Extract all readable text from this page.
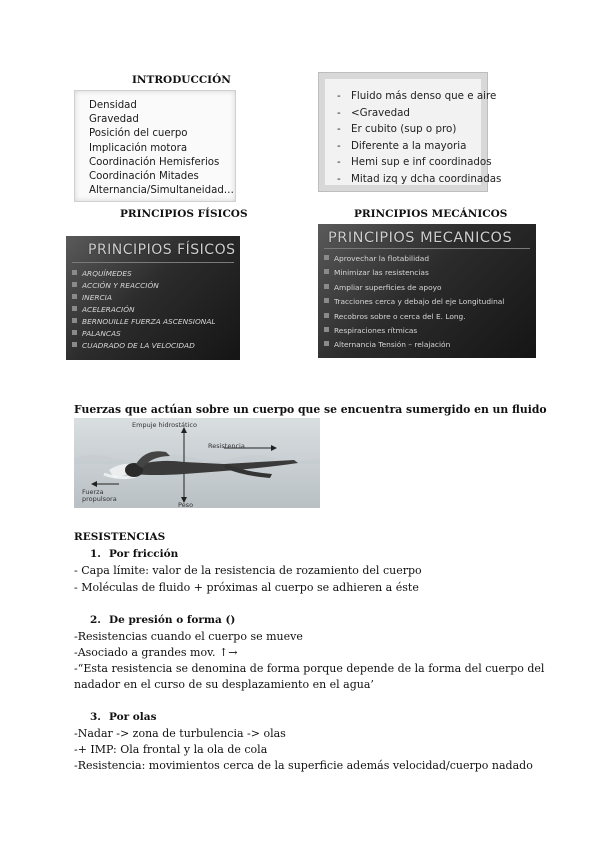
INTRODUCCIÓN
PRINCIPIOS FÍSICOS	PRINCIPIOS MECÁNICOS
Densidad
Gravedad
Posición del cuerpo
Implicación motora
Coordinación Hemisferios
Coordinación Mitades
Alternancia/Simultaneidad…
- Fluido más denso que e aire
- <Gravedad
- Er cubito (sup o pro)
- Diferente a la mayoria
- Hemi sup e inf coordinados
- Mitad izq y dcha coordinadas
PRINCIPIOS FÍSICOS
ARQUÍMEDES
ACCIÓN Y REACCIÓN
INERCIA
ACELERACIÓN
BERNOUILLE FUERZA ASCENSIONAL
PALANCAS
CUADRADO DE LA VELOCIDAD
PRINCIPIOS MECANICOS
Aprovechar la flotabilidad
Minimizar las resistencias
Ampliar superficies de apoyo
Tracciones cerca y debajo del eje Longitudinal
Recobros sobre o cerca del E. Long.
Respiraciones rítmicas
Alternancia Tensión – relajación
Fuerzas que actúan sobre un cuerpo que se encuentra sumergido en un fluido
Empuje hidrostático
Resistencia
Fuerza
propulsora
Peso
RESISTENCIAS
1. Por fricción
- Capa límite: valor de la resistencia de rozamiento del cuerpo
- Moléculas de fluido + próximas al cuerpo se adhieren a éste
2. De presión o forma ()
-Resistencias cuando el cuerpo se mueve
-Asociado a grandes mov. ↑→
-“Esta resistencia se denomina de forma porque depende de la forma del cuerpo del
nadador en el curso de su desplazamiento en el agua’
3. Por olas
-Nadar -> zona de turbulencia -> olas
-+ IMP: Ola frontal y la ola de cola
-Resistencia: movimientos cerca de la superficie además velocidad/cuerpo nadado
